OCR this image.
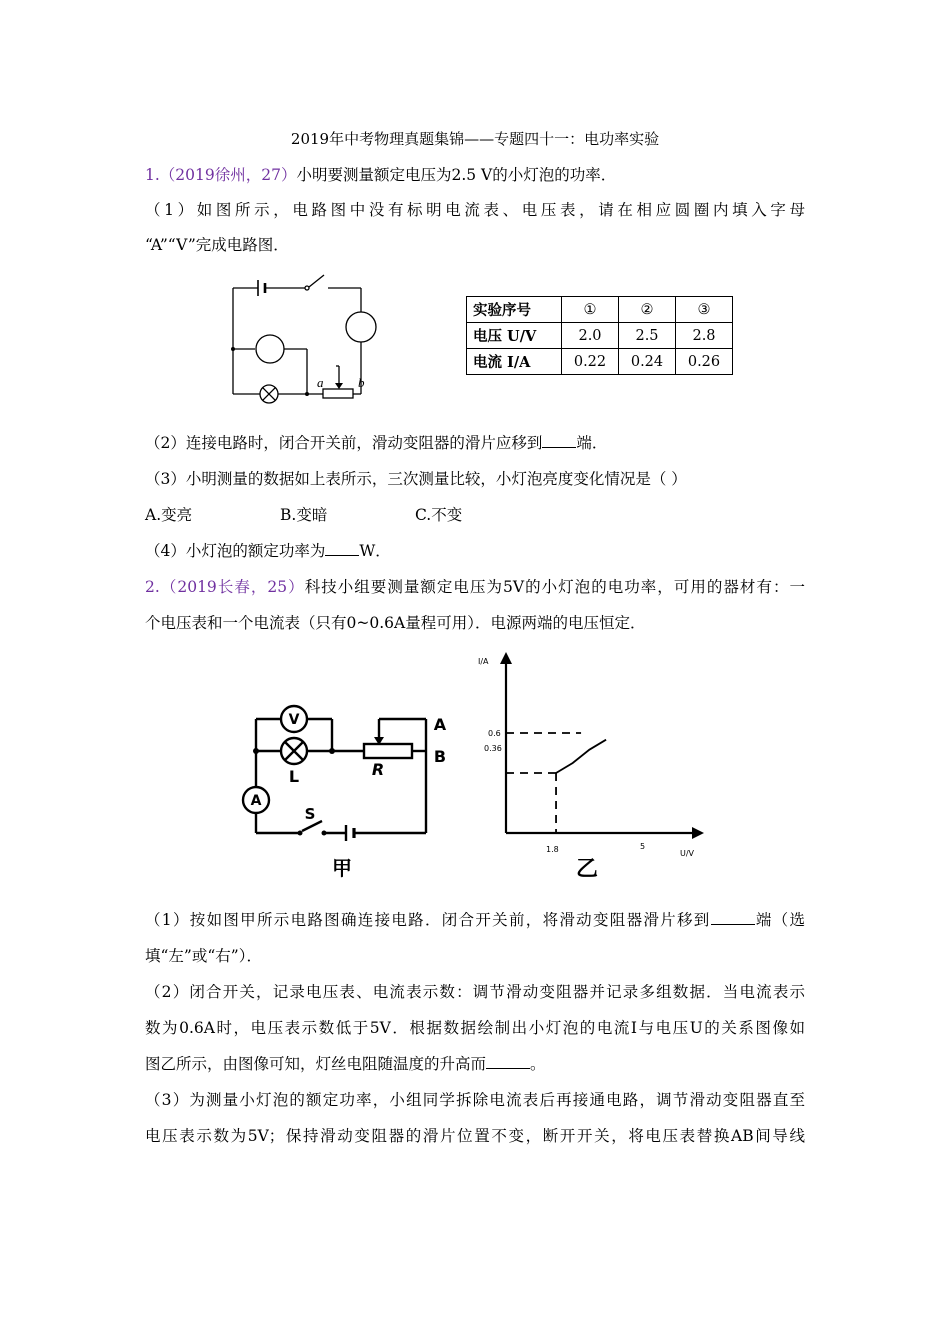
2019年中考物理真题集锦——专题四十一：电功率实验
1.（2019徐州，27）小明要测量额定电压为2.5 V的小灯泡的功率．
（1）如图所示，电路图中没有标明电流表、电压表，请在相应圆圈内填入字母
“A”“V”完成电路图．
a	b
实验序号	①	②	③
电压 U/V	2.0	2.5	2.8
电流 I/A	0.22	0.24	0.26
（2）连接电路时，闭合开关前，滑动变阻器的滑片应移到 端．
（3）小明测量的数据如上表所示，三次测量比较，小灯泡亮度变化情况是（ ）
A.变亮	B.变暗	C.不变
（4）小灯泡的额定功率为 W．
2.（2019长春，25）科技小组要测量额定电压为5V的小灯泡的电功率，可用的器材有：一
个电压表和一个电流表（只有0~0.6A量程可用）．电源两端的电压恒定．
V
A
L	R
S
A
B
甲
I/A
U/V
0.6
0.36
1.8	5
乙
（1）按如图甲所示电路图确连接电路．闭合开关前，将滑动变阻器滑片移到	端（选
填“左”或“右”）．
（2）闭合开关，记录电压表、电流表示数：调节滑动变阻器并记录多组数据．当电流表示
数为0.6A时，电压表示数低于5V．根据数据绘制出小灯泡的电流I与电压U的关系图像如
图乙所示，由图像可知，灯丝电阻随温度的升高而	。
（3）为测量小灯泡的额定功率，小组同学拆除电流表后再接通电路，调节滑动变阻器直至
电压表示数为5V；保持滑动变阻器的滑片位置不变，断开开关，将电压表替换AB间导线
